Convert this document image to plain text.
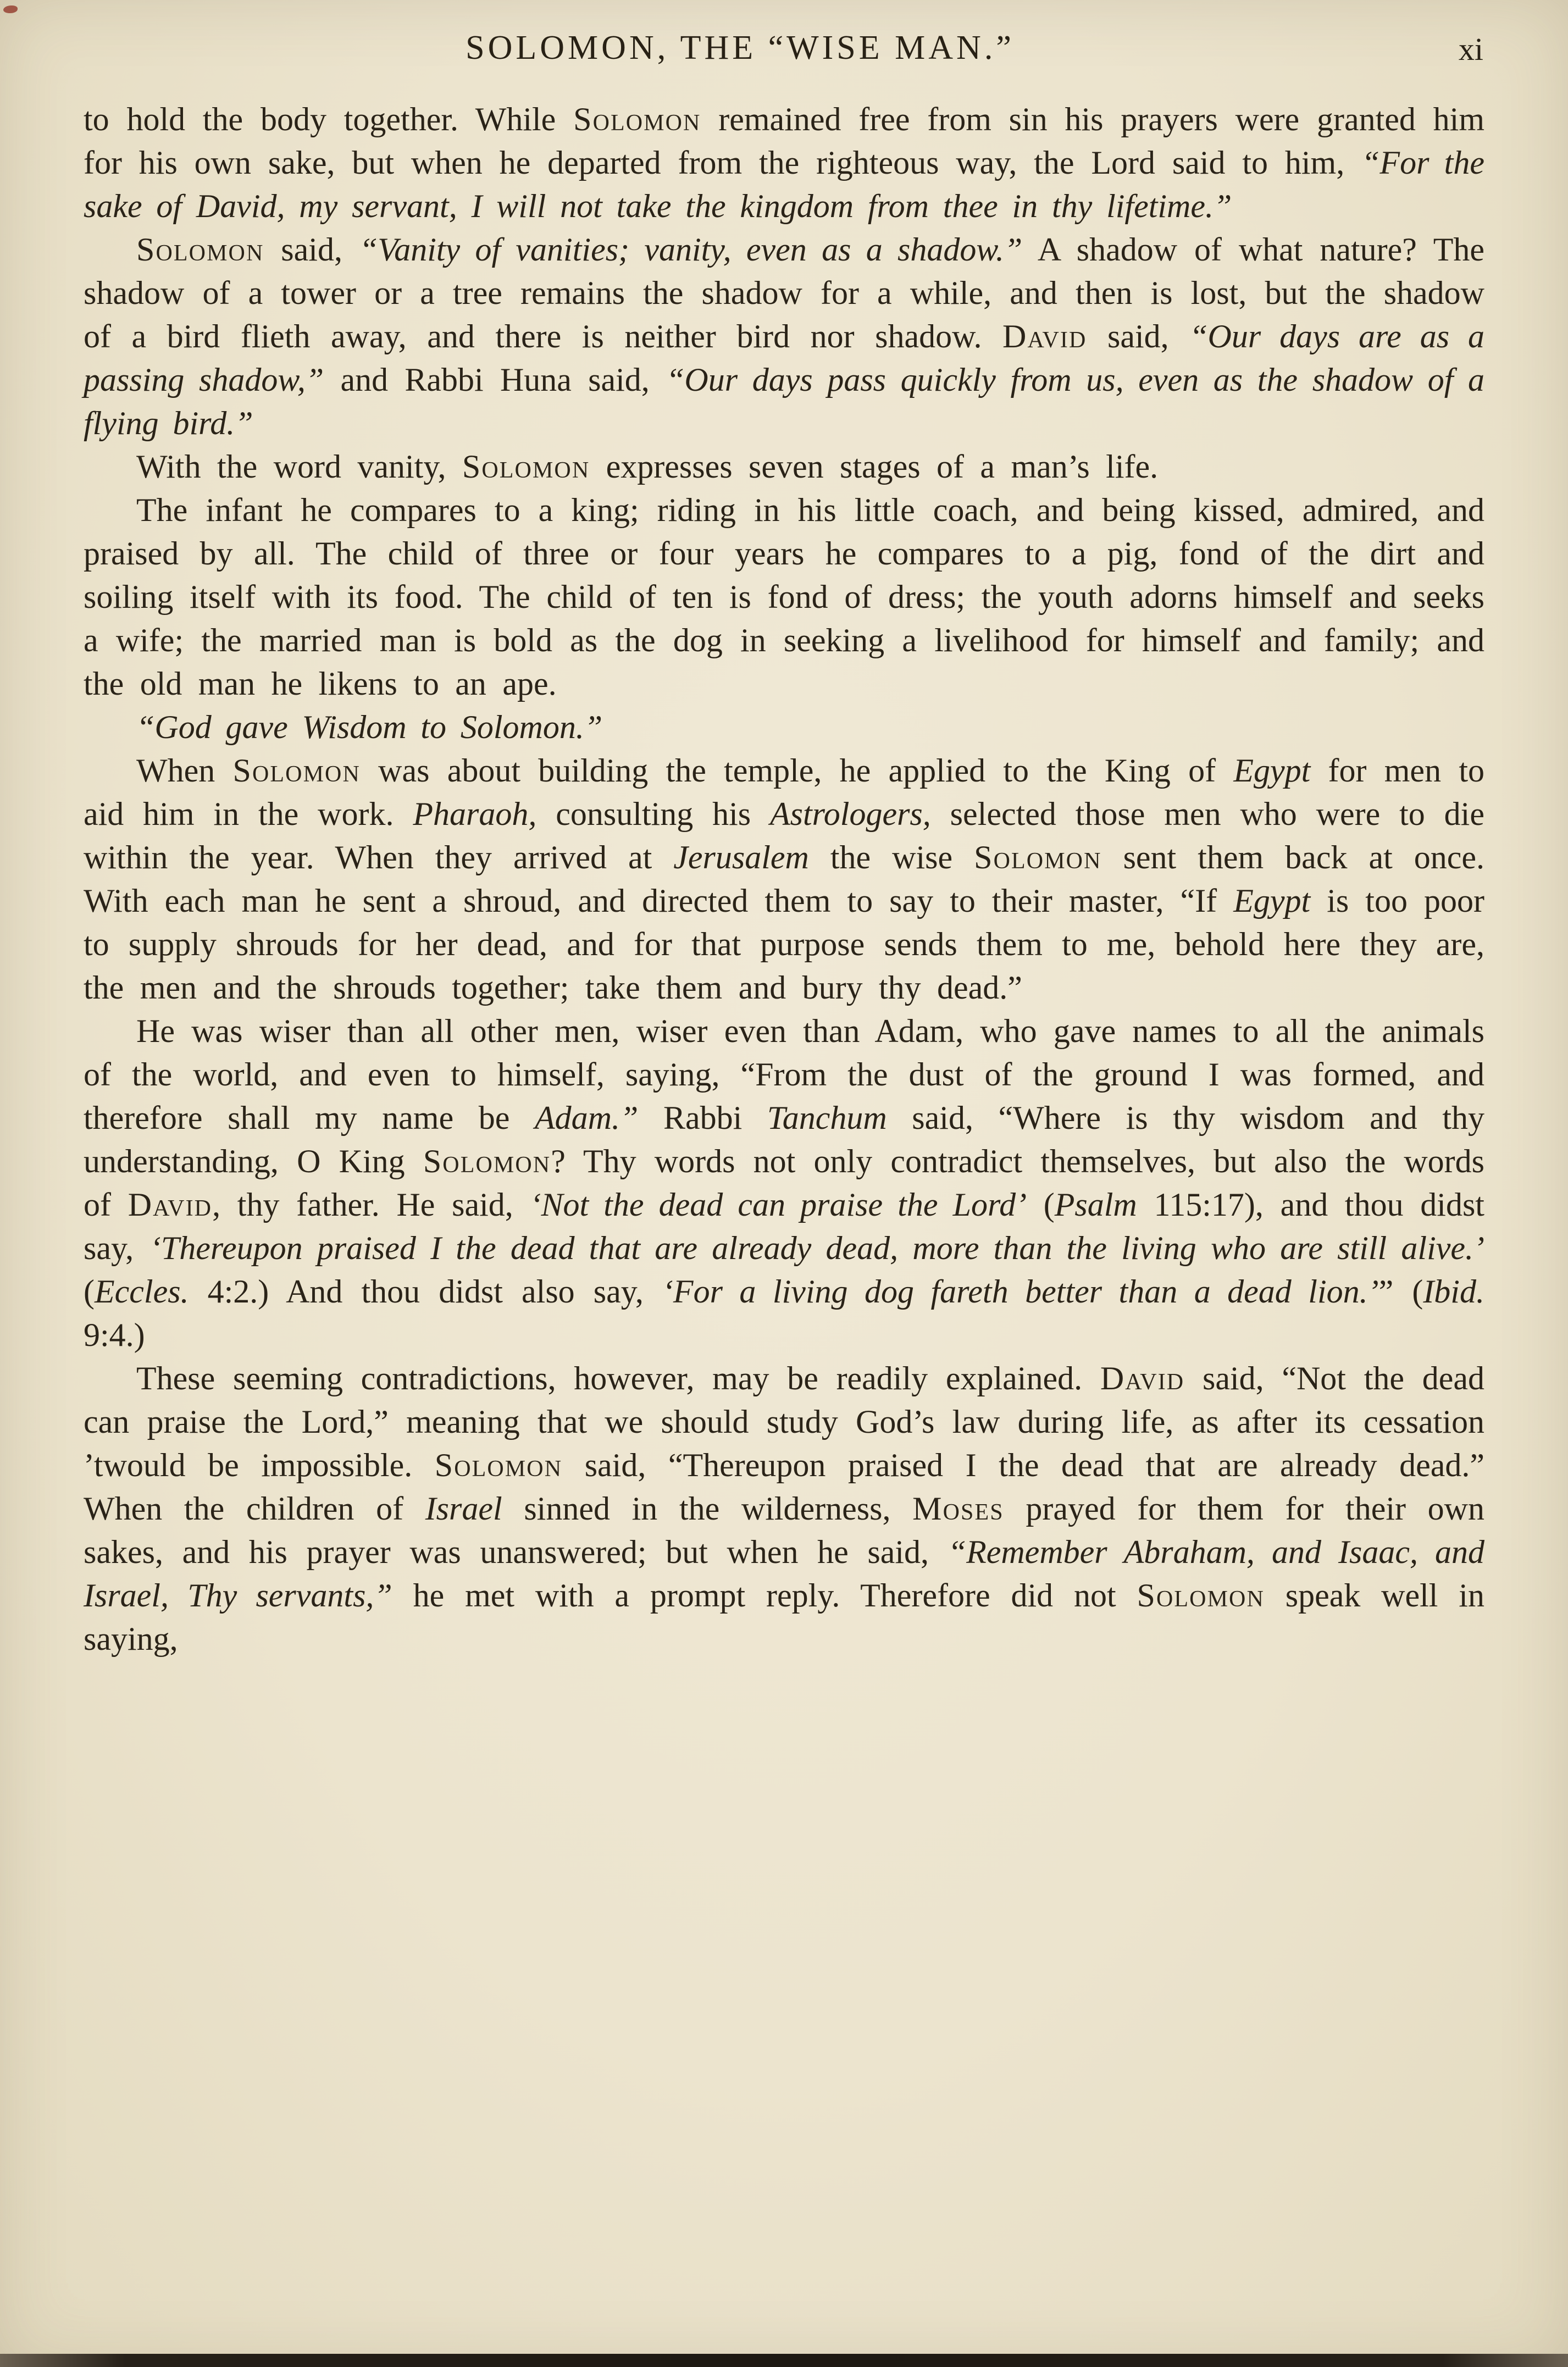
SOLOMON, THE “WISE MAN.”	xi

to hold the body together. While Solomon remained free from sin his prayers were granted him for his own sake, but when he departed from the righteous way, the Lord said to him, “For the sake of David, my servant, I will not take the kingdom from thee in thy lifetime.”

Solomon said, “Vanity of vanities; vanity, even as a shadow.” A shadow of what nature? The shadow of a tower or a tree remains the shadow for a while, and then is lost, but the shadow of a bird flieth away, and there is neither bird nor shadow. David said, “Our days are as a passing shadow,” and Rabbi Huna said, “Our days pass quickly from us, even as the shadow of a flying bird.”

With the word vanity, Solomon expresses seven stages of a man’s life.

The infant he compares to a king; riding in his little coach, and being kissed, admired, and praised by all. The child of three or four years he compares to a pig, fond of the dirt and soiling itself with its food. The child of ten is fond of dress; the youth adorns himself and seeks a wife; the married man is bold as the dog in seeking a livelihood for himself and family; and the old man he likens to an ape.

“God gave Wisdom to Solomon.”

When Solomon was about building the temple, he applied to the King of Egypt for men to aid him in the work. Pharaoh, consulting his Astrologers, selected those men who were to die within the year. When they arrived at Jerusalem the wise Solomon sent them back at once. With each man he sent a shroud, and directed them to say to their master, “If Egypt is too poor to supply shrouds for her dead, and for that purpose sends them to me, behold here they are, the men and the shrouds together; take them and bury thy dead.”

He was wiser than all other men, wiser even than Adam, who gave names to all the animals of the world, and even to himself, saying, “From the dust of the ground I was formed, and therefore shall my name be Adam.” Rabbi Tanchum said, “Where is thy wisdom and thy understanding, O King Solomon? Thy words not only contradict themselves, but also the words of David, thy father. He said, ‘Not the dead can praise the Lord’ (Psalm 115:17), and thou didst say, ‘Thereupon praised I the dead that are already dead, more than the living who are still alive.’ (Eccles. 4:2.) And thou didst also say, ‘For a living dog fareth better than a dead lion.’” (Ibid. 9:4.)

These seeming contradictions, however, may be readily explained. David said, “Not the dead can praise the Lord,” meaning that we should study God’s law during life, as after its cessation ’twould be impossible. Solomon said, “Thereupon praised I the dead that are already dead.” When the children of Israel sinned in the wilderness, Moses prayed for them for their own sakes, and his prayer was unanswered; but when he said, “Remember Abraham, and Isaac, and Israel, Thy servants,” he met with a prompt reply. Therefore did not Solomon speak well in saying,
